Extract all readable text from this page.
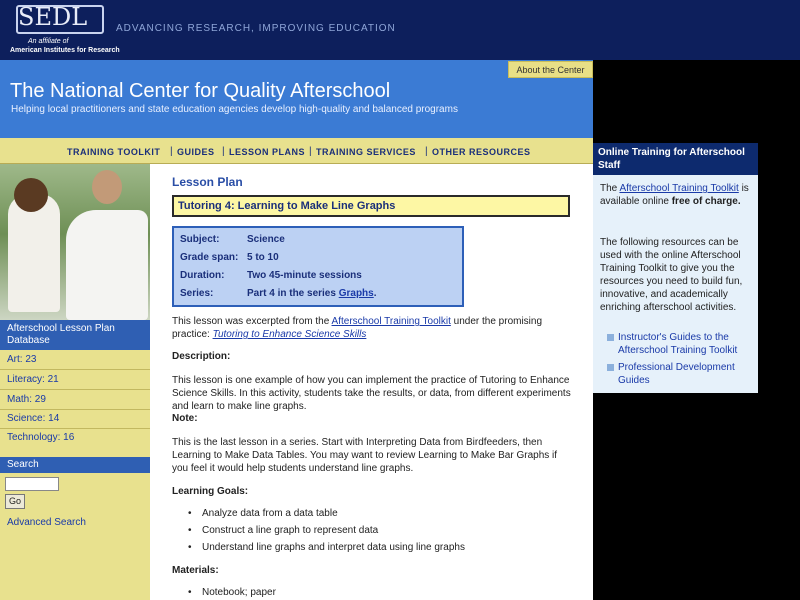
SEDL
An affiliate of
American Institutes for Research
ADVANCING RESEARCH, IMPROVING EDUCATION
The National Center for Quality Afterschool
Helping local practitioners and state education agencies develop high-quality and balanced programs
About the Center
TRAINING TOOLKIT | GUIDES | LESSON PLANS | TRAINING SERVICES | OTHER RESOURCES
Afterschool Lesson Plan Database
Art: 23
Literacy: 21
Math: 29
Science: 14
Technology: 16
Search
Go
Advanced Search
Lesson Plan
Tutoring 4: Learning to Make Line Graphs
Subject:	Science
Grade span: 5 to 10
Duration: Two 45-minute sessions
Series:	Part 4 in the series Graphs.
This lesson was excerpted from the Afterschool Training Toolkit under the promising practice: Tutoring to Enhance Science Skills
Description:
This lesson is one example of how you can implement the practice of Tutoring to Enhance Science Skills. In this activity, students take the results, or data, from different experiments and learn to make line graphs.
Note:
This is the last lesson in a series. Start with Interpreting Data from Birdfeeders, then Learning to Make Data Tables. You may want to review Learning to Make Bar Graphs if you feel it would help students understand line graphs.
Learning Goals:
• Analyze data from a data table
• Construct a line graph to represent data
• Understand line graphs and interpret data using line graphs
Materials:
• Notebook; paper
Online Training for Afterschool Staff
The Afterschool Training Toolkit is available online free of charge.
The following resources can be used with the online Afterschool Training Toolkit to give you the resources you need to build fun, innovative, and academically enriching afterschool activities.
Instructor's Guides to the Afterschool Training Toolkit
Professional Development Guides
